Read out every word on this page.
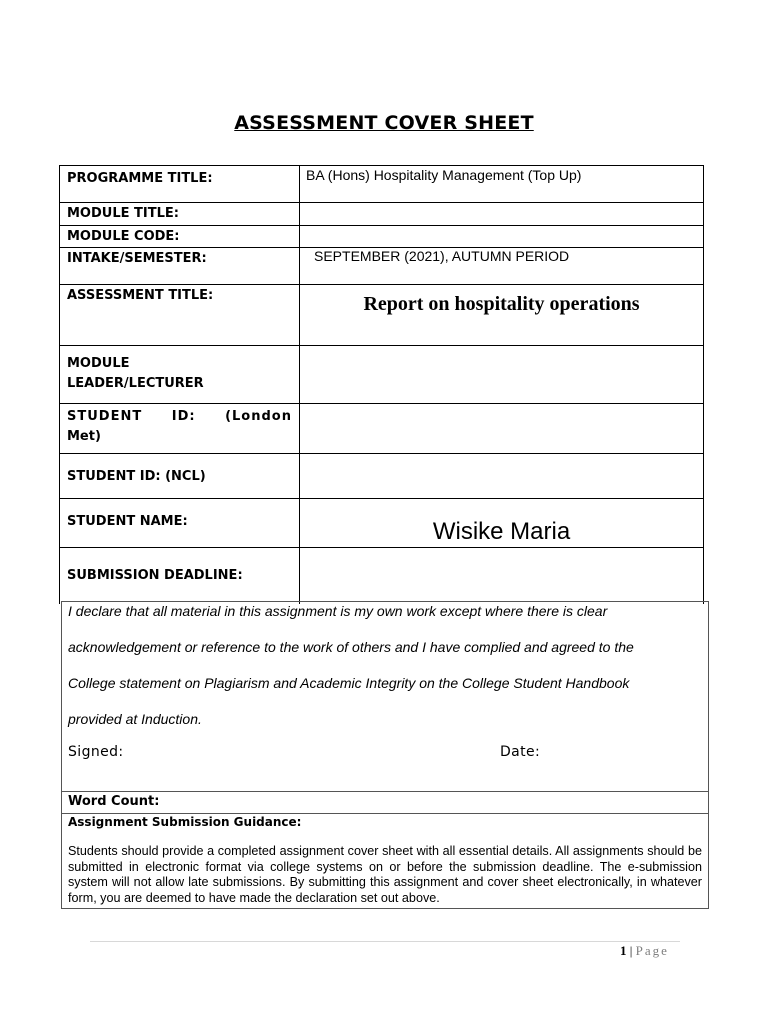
ASSESSMENT COVER SHEET
PROGRAMME TITLE:	BA (Hons) Hospitality Management (Top Up)
MODULE TITLE:
MODULE CODE:
INTAKE/SEMESTER:	SEPTEMBER (2021), AUTUMN PERIOD
ASSESSMENT TITLE:	Report on hospitality operations
MODULE
LEADER/LECTURER
STUDENT ID: (London
Met)
STUDENT ID: (NCL)
STUDENT NAME:	Wisike Maria
SUBMISSION DEADLINE:
I declare that all material in this assignment is my own work except where there is clear
acknowledgement or reference to the work of others and I have complied and agreed to the
College statement on Plagiarism and Academic Integrity on the College Student Handbook
provided at Induction.
Signed:	Date:
Word Count:
Assignment Submission Guidance:
Students should provide a completed assignment cover sheet with all essential details. All assignments should be submitted in electronic format via college systems on or before the submission deadline. The e-submission system will not allow late submissions. By submitting this assignment and cover sheet electronically, in whatever form, you are deemed to have made the declaration set out above.
1 | Page
